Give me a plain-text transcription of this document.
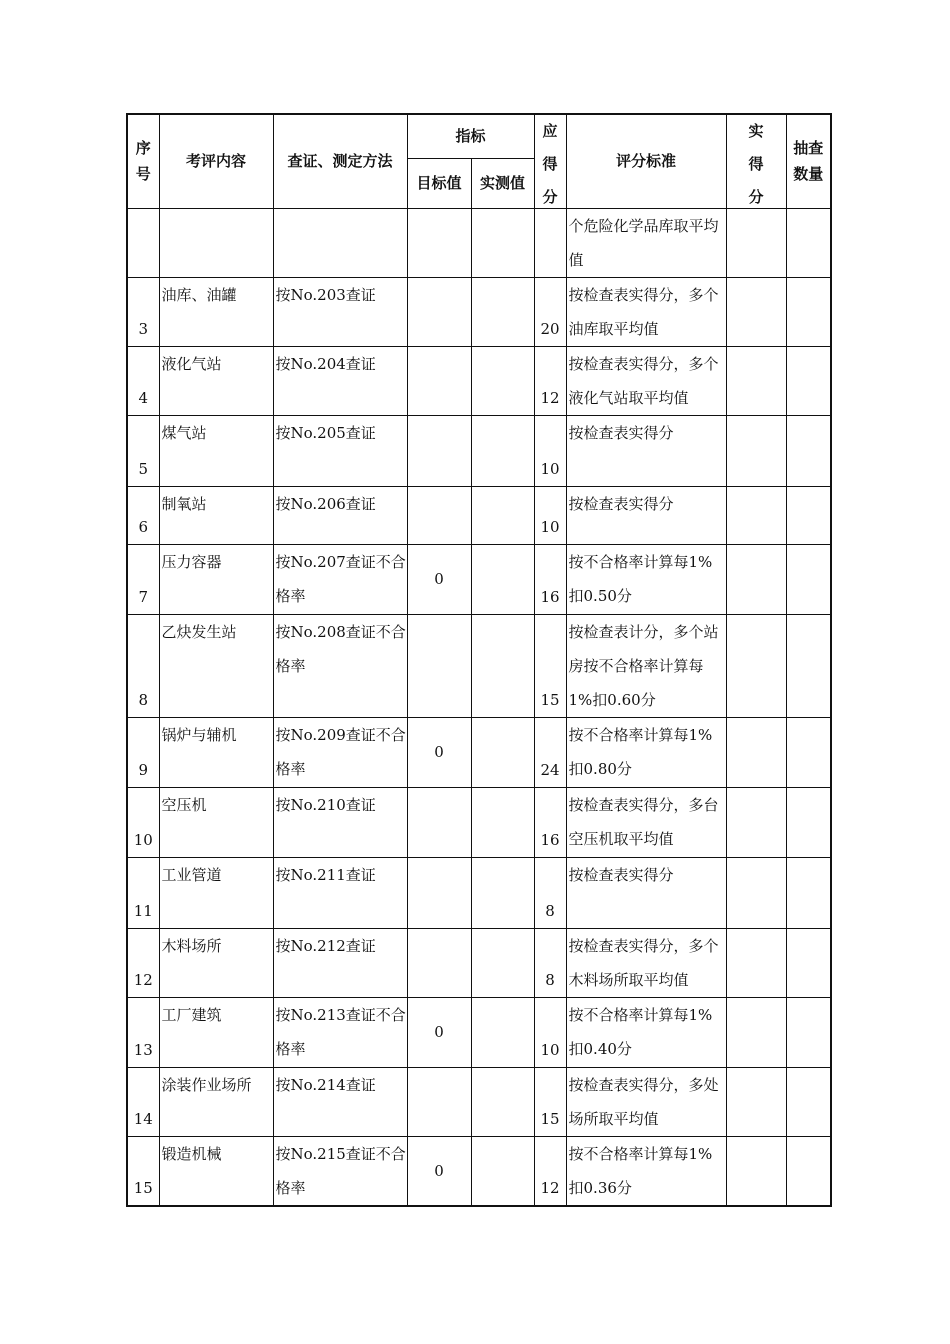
序号	考评内容	查证、测定方法	指标		应得分	评分标准	实得分	抽查数量
			目标值	实测值				
						个危险化学品库取平均值		
3	油库、油罐	按No.203查证			20	按检查表实得分，多个油库取平均值		
4	液化气站	按No.204查证			12	按检查表实得分，多个液化气站取平均值		
5	煤气站	按No.205查证			10	按检查表实得分		
6	制氧站	按No.206查证			10	按检查表实得分		
7	压力容器	按No.207查证不合格率	0		16	按不合格率计算每1%扣0.50分		
8	乙炔发生站	按No.208查证不合格率			15	按检查表计分，多个站房按不合格率计算每1%扣0.60分		
9	锅炉与辅机	按No.209查证不合格率	0		24	按不合格率计算每1%扣0.80分		
10	空压机	按No.210查证			16	按检查表实得分，多台空压机取平均值		
11	工业管道	按No.211查证			8	按检查表实得分		
12	木料场所	按No.212查证			8	按检查表实得分，多个木料场所取平均值		
13	工厂建筑	按No.213查证不合格率	0		10	按不合格率计算每1%扣0.40分		
14	涂装作业场所	按No.214查证			15	按检查表实得分，多处场所取平均值		
15	锻造机械	按No.215查证不合格率	0		12	按不合格率计算每1%扣0.36分		
